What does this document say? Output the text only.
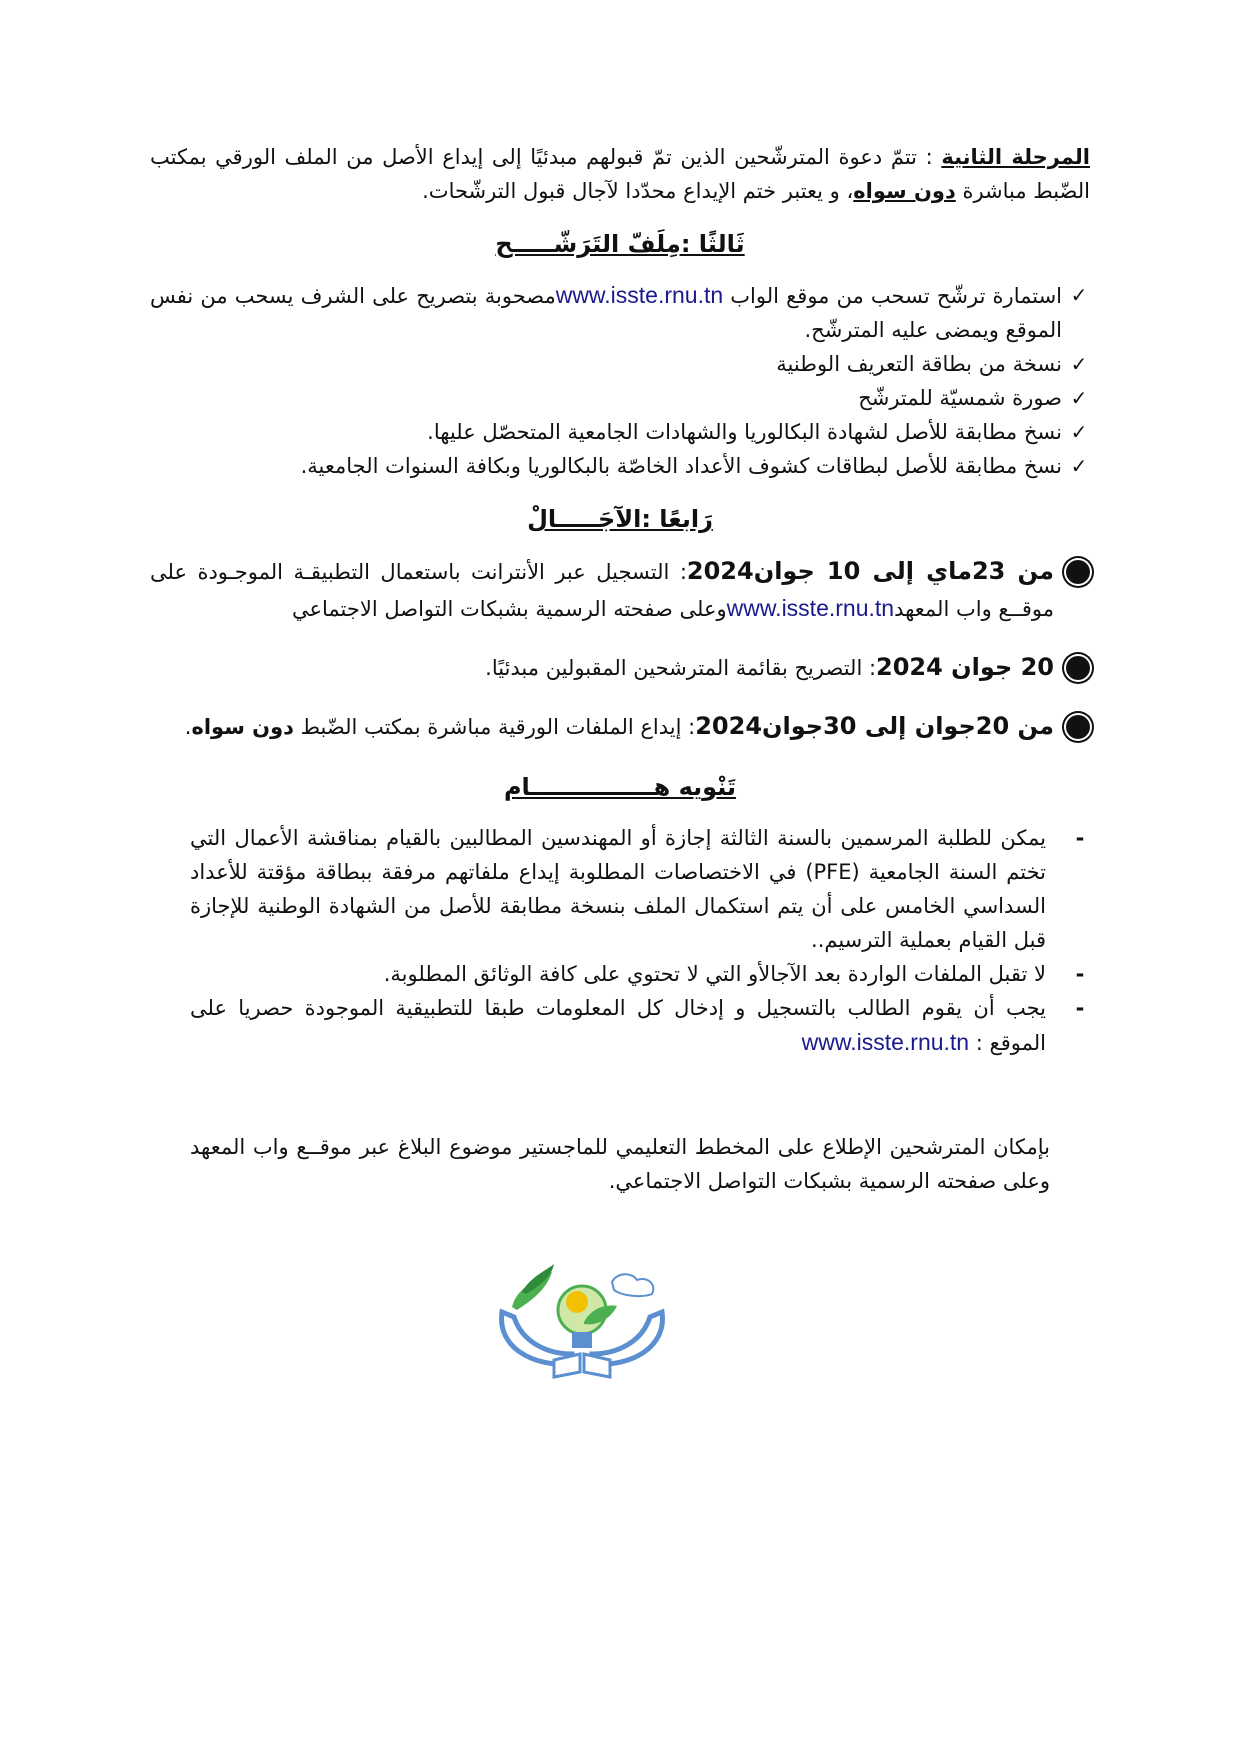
المرحلة الثانية : تتمّ دعوة المترشّحين الذين تمّ قبولهم مبدئيًا إلى إيداع الأصل من الملف الورقي بمكتب الضّبط مباشرة دون سواه، و يعتبر ختم الإيداع محدّدا لآجال قبول الترشّحات.

ثَالثًا :مِلَفّ التَرَشّـــــح
✓
استمارة ترشّح تسحب من موقع الواب www.isste.rnu.tnمصحوبة بتصريح على الشرف يسحب من نفس الموقع ويمضى عليه المترشّح.
✓
نسخة من بطاقة التعريف الوطنية
✓
صورة شمسيّة للمترشّح
✓
نسخ مطابقة للأصل لشهادة البكالوريا والشهادات الجامعية المتحصّل عليها.
✓
نسخ مطابقة للأصل لبطاقات كشوف الأعداد الخاصّة بالبكالوريا وبكافة السنوات الجامعية.
رَابعًا :الآجَـــــالْ
من 23ماي إلى 10 جوان2024: التسجيل عبر الأنترانت باستعمال التطبيقـة الموجـودة على موقــع واب المعهدwww.isste.rnu.tnوعلى صفحته الرسمية بشبكات التواصل الاجتماعي
20 جوان 2024: التصريح بقائمة المترشحين المقبولين مبدئيًا.
من 20جوان إلى 30جوان2024: إيداع الملفات الورقية مباشرة بمكتب الضّبط دون سواه.
تَنْويه هـــــــــــــــام
-
يمكن للطلبة المرسمين بالسنة الثالثة إجازة أو المهندسين المطالبين بالقيام بمناقشة الأعمال التي تختم السنة الجامعية (PFE) في الاختصاصات المطلوبة إيداع ملفاتهم مرفقة ببطاقة مؤقتة للأعداد السداسي الخامس على أن يتم استكمال الملف بنسخة مطابقة للأصل من الشهادة الوطنية للإجازة قبل القيام بعملية الترسيم..
-
لا تقبل الملفات الواردة بعد الآجالأو التي لا تحتوي على كافة الوثائق المطلوبة.
-
يجب أن يقوم الطالب بالتسجيل و إدخال كل المعلومات طبقا للتطبيقية الموجودة حصريا على الموقع : www.isste.rnu.tn

بإمكان المترشحين الإطلاع على المخطط التعليمي للماجستير موضوع البلاغ عبر موقــع واب المعهد وعلى صفحته الرسمية بشبكات التواصل الاجتماعي.
